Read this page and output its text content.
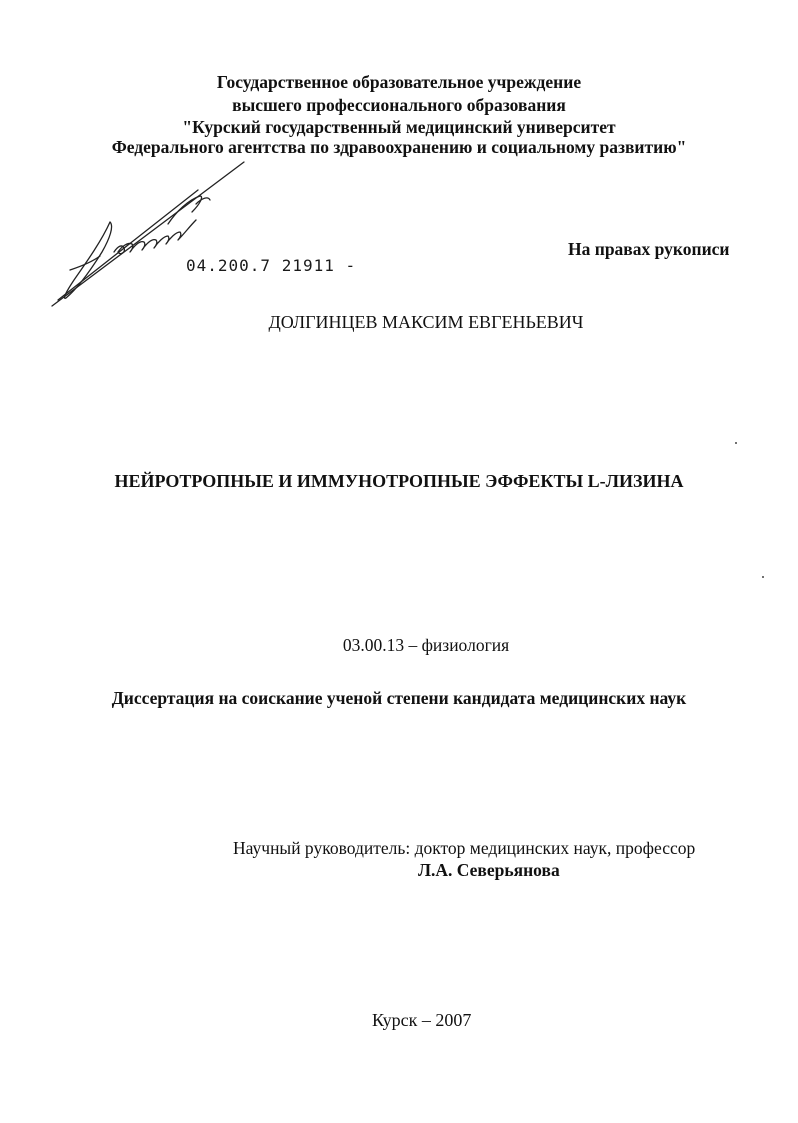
Государственное образовательное учреждение
высшего профессионального образования
"Курский государственный медицинский университет
Федерального агентства по здравоохранению и социальному развитию"
04.200.7 21911 -
На правах рукописи
ДОЛГИНЦЕВ МАКСИМ ЕВГЕНЬЕВИЧ
НЕЙРОТРОПНЫЕ И ИММУНОТРОПНЫЕ ЭФФЕКТЫ L-ЛИЗИНА
03.00.13 – физиология
Диссертация на соискание ученой степени кандидата медицинских наук
Научный руководитель: доктор медицинских наук, профессор
Л.А. Северьянова
Курск – 2007
